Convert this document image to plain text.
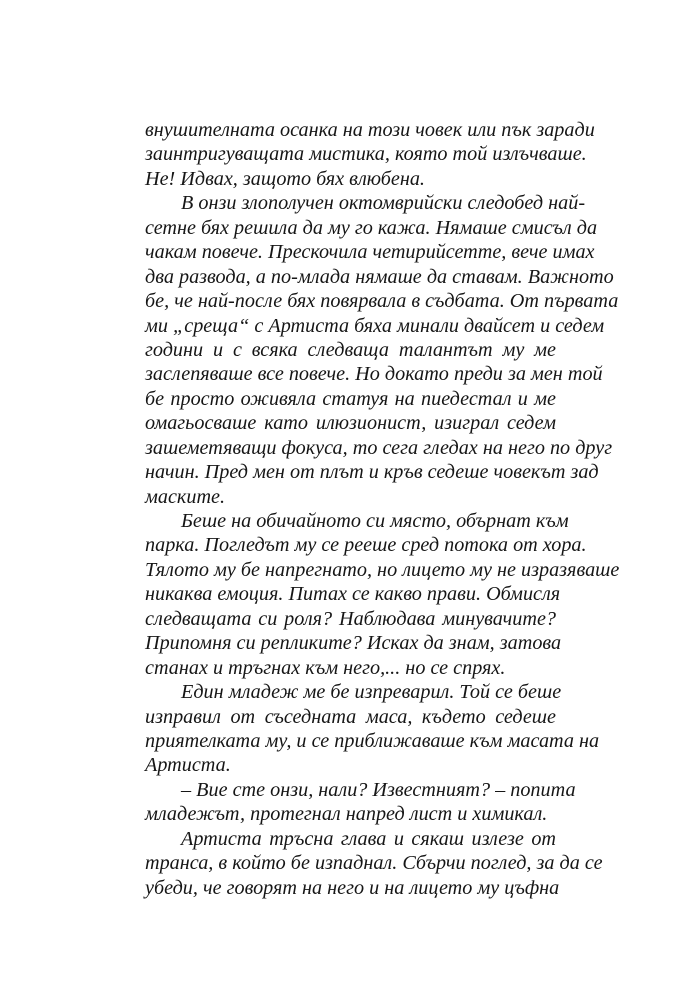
внушителната осанка на този човек или пък заради
заинтригуващата мистика, която той излъчваше.
Не! Идвах, защото бях влюбена.
В онзи злополучен октомврийски следобед най-
сетне бях решила да му го кажа. Нямаше смисъл да
чакам повече. Прескочила четирийсетте, вече имах
два развода, а по-млада нямаше да ставам. Важното
бе, че най-после бях повярвала в съдбата. От първата
ми „среща“ с Артиста бяха минали двайсет и седем
години и с всяка следваща талантът му ме
заслепяваше все повече. Но докато преди за мен той
бе просто оживяла статуя на пиедестал и ме
омагьосваше като илюзионист, изиграл седем
зашеметяващи фокуса, то сега гледах на него по друг
начин. Пред мен от плът и кръв седеше човекът зад
маските.
Беше на обичайното си място, обърнат към
парка. Погледът му се рееше сред потока от хора.
Тялото му бе напрегнато, но лицето му не изразяваше
никаква емоция. Питах се какво прави. Обмисля
следващата си роля? Наблюдава минувачите?
Припомня си репликите? Исках да знам, затова
станах и тръгнах към него,... но се спрях.
Един младеж ме бе изпреварил. Той се беше
изправил от съседната маса, където седеше
приятелката му, и се приближаваше към масата на
Артиста.
– Вие сте онзи, нали? Известният? – попита
младежът, протегнал напред лист и химикал.
Артиста тръсна глава и сякаш излезе от
транса, в който бе изпаднал. Сбърчи поглед, за да се
убеди, че говорят на него и на лицето му цъфна
